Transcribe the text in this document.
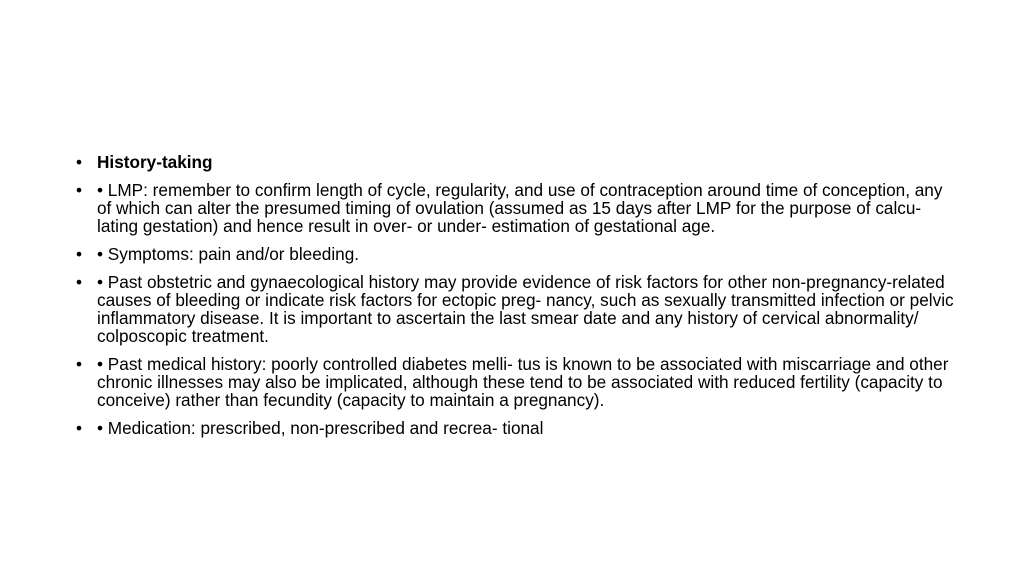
• History-taking
• • LMP: remember to confirm length of cycle, regularity, and use of contraception around time of conception, any of which can alter the presumed timing of ovulation (assumed as 15 days after LMP for the purpose of calcu- lating gestation) and hence result in over- or under- estimation of gestational age.
• • Symptoms: pain and/or bleeding.
• • Past obstetric and gynaecological history may provide evidence of risk factors for other non-pregnancy-related causes of bleeding or indicate risk factors for ectopic preg- nancy, such as sexually transmitted infection or pelvic inflammatory disease. It is important to ascertain the last smear date and any history of cervical abnormality/ colposcopic treatment.
• • Past medical history: poorly controlled diabetes melli- tus is known to be associated with miscarriage and other chronic illnesses may also be implicated, although these tend to be associated with reduced fertility (capacity to conceive) rather than fecundity (capacity to maintain a pregnancy).
• • Medication: prescribed, non-prescribed and recrea- tional
